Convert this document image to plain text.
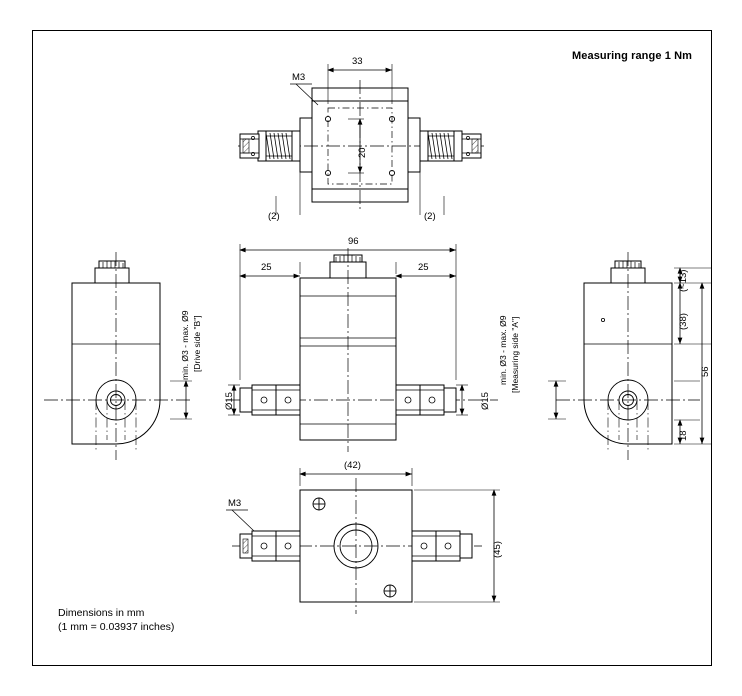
Measuring range 1 Nm
Dimensions in mm
(1 mm = 0.03937 inches)
33
20
M3
(2)	(2)
96
25	25
Ø15	Ø15
min. Ø3 - max. Ø9 [Drive side "B"]	min. Ø3 - max. Ø9 [Measuring side "A"]
(~13)
(38)
18
56
(42)
(45)
M3
